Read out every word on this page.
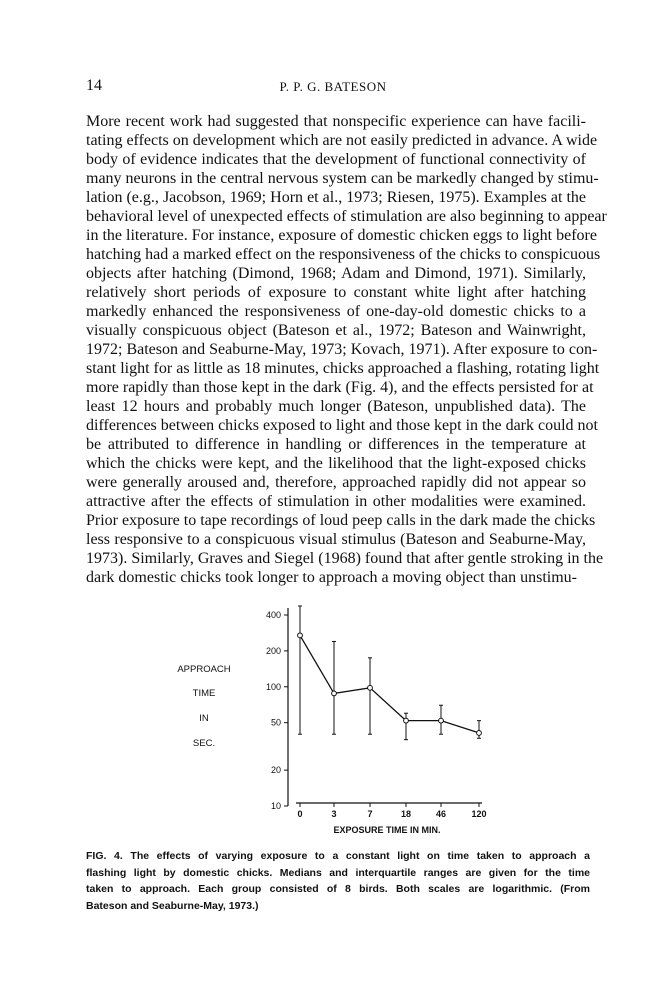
14	P. P. G. BATESON
More recent work had suggested that nonspecific experience can have facili-
tating effects on development which are not easily predicted in advance. A wide
body of evidence indicates that the development of functional connectivity of
many neurons in the central nervous system can be markedly changed by stimu-
lation (e.g., Jacobson, 1969; Horn et al., 1973; Riesen, 1975). Examples at the
behavioral level of unexpected effects of stimulation are also beginning to appear
in the literature. For instance, exposure of domestic chicken eggs to light before
hatching had a marked effect on the responsiveness of the chicks to conspicuous
objects after hatching (Dimond, 1968; Adam and Dimond, 1971). Similarly,
relatively short periods of exposure to constant white light after hatching
markedly enhanced the responsiveness of one-day-old domestic chicks to a
visually conspicuous object (Bateson et al., 1972; Bateson and Wainwright,
1972; Bateson and Seaburne-May, 1973; Kovach, 1971). After exposure to con-
stant light for as little as 18 minutes, chicks approached a flashing, rotating light
more rapidly than those kept in the dark (Fig. 4), and the effects persisted for at
least 12 hours and probably much longer (Bateson, unpublished data). The
differences between chicks exposed to light and those kept in the dark could not
be attributed to difference in handling or differences in the temperature at
which the chicks were kept, and the likelihood that the light-exposed chicks
were generally aroused and, therefore, approached rapidly did not appear so
attractive after the effects of stimulation in other modalities were examined.
Prior exposure to tape recordings of loud peep calls in the dark made the chicks
less responsive to a conspicuous visual stimulus (Bateson and Seaburne-May,
1973). Similarly, Graves and Siegel (1968) found that after gentle stroking in the
dark domestic chicks took longer to approach a moving object than unstimu-
APPROACH
TIME
IN
SEC.
10
20
50
100
200
400
0	3	7	18	46	120
EXPOSURE TIME IN MIN.
FIG. 4. The effects of varying exposure to a constant light on time taken to approach a
flashing light by domestic chicks. Medians and interquartile ranges are given for the time
taken to approach. Each group consisted of 8 birds. Both scales are logarithmic. (From
Bateson and Seaburne-May, 1973.)
